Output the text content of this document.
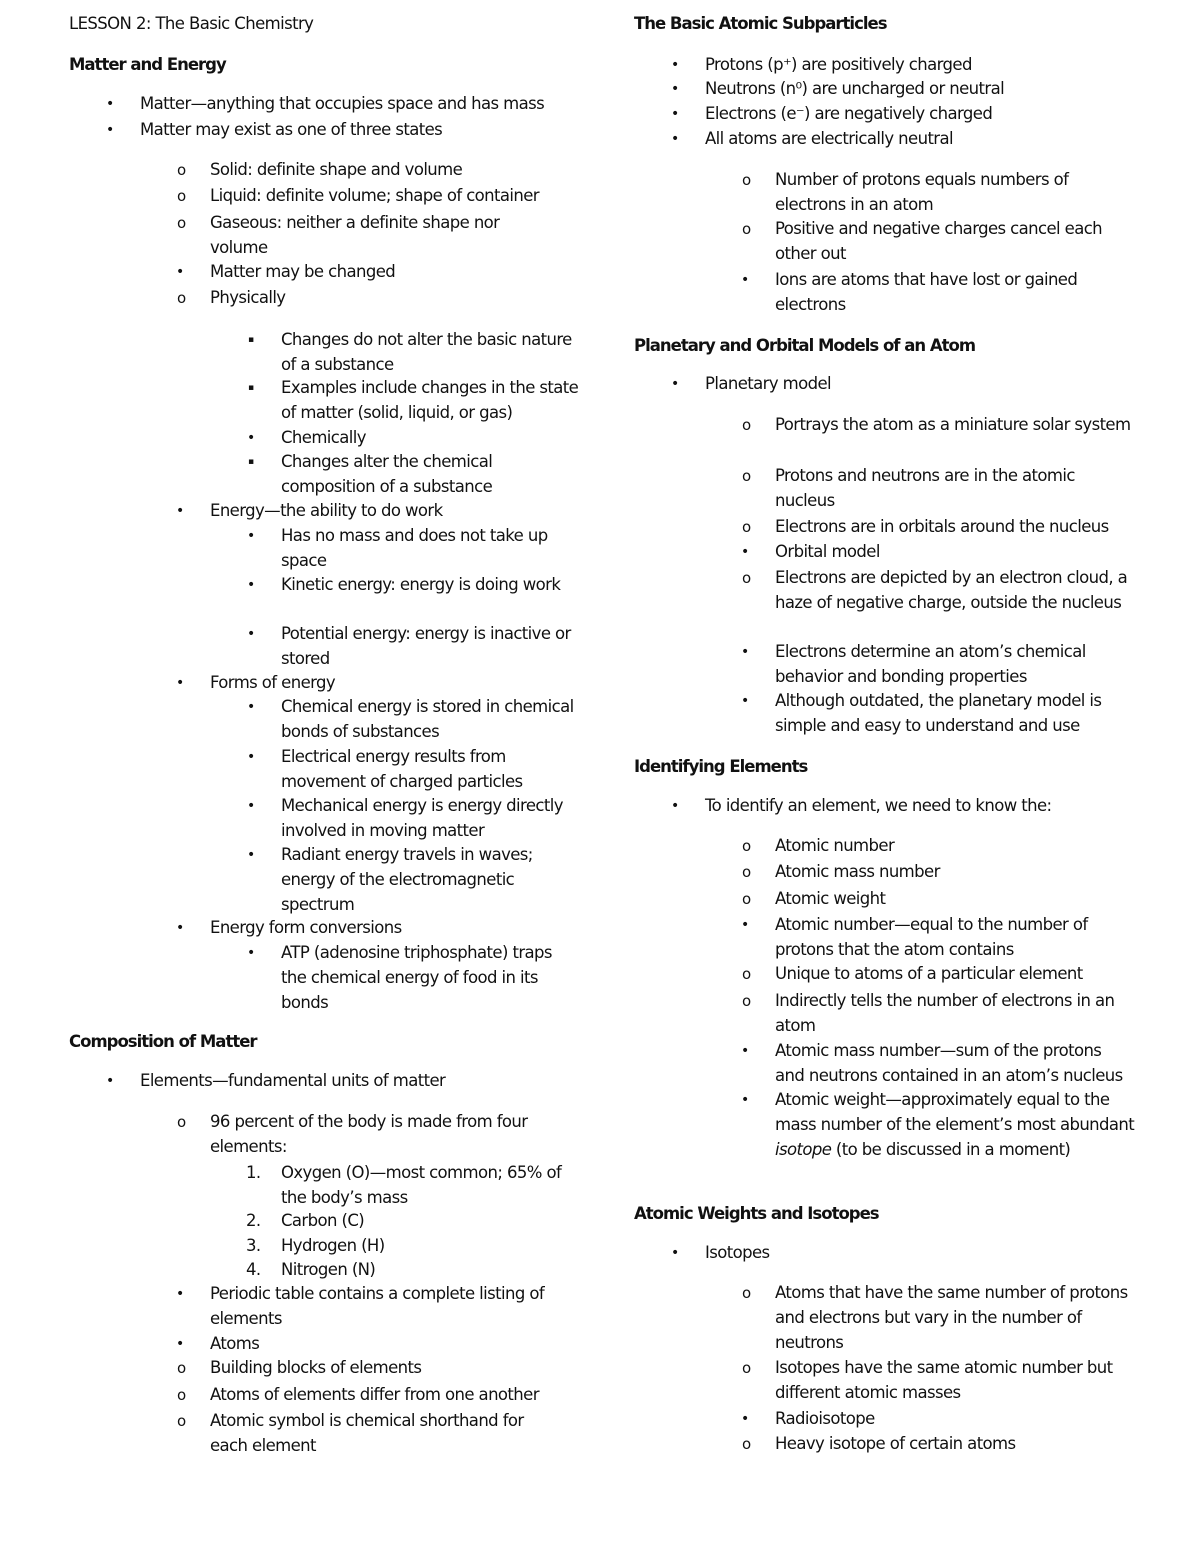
LESSON 2: The Basic Chemistry
Matter and Energy
• Matter—anything that occupies space and has mass
• Matter may exist as one of three states
o Solid: definite shape and volume
o Liquid: definite volume; shape of container
o Gaseous: neither a definite shape nor volume
• Matter may be changed
o Physically
▪ Changes do not alter the basic nature of a substance
▪ Examples include changes in the state of matter (solid, liquid, or gas)
• Chemically
▪ Changes alter the chemical composition of a substance
• Energy—the ability to do work
• Has no mass and does not take up space
• Kinetic energy: energy is doing work
• Potential energy: energy is inactive or stored
• Forms of energy
• Chemical energy is stored in chemical bonds of substances
• Electrical energy results from movement of charged particles
• Mechanical energy is energy directly involved in moving matter
• Radiant energy travels in waves; energy of the electromagnetic spectrum
• Energy form conversions
• ATP (adenosine triphosphate) traps the chemical energy of food in its bonds
Composition of Matter
• Elements—fundamental units of matter
o 96 percent of the body is made from four elements:
1. Oxygen (O)—most common; 65% of the body’s mass
2. Carbon (C)
3. Hydrogen (H)
4. Nitrogen (N)
• Periodic table contains a complete listing of elements
• Atoms
o Building blocks of elements
o Atoms of elements differ from one another
o Atomic symbol is chemical shorthand for each element
The Basic Atomic Subparticles
• Protons (p⁺) are positively charged
• Neutrons (n⁰) are uncharged or neutral
• Electrons (e⁻) are negatively charged
• All atoms are electrically neutral
o Number of protons equals numbers of electrons in an atom
o Positive and negative charges cancel each other out
• Ions are atoms that have lost or gained electrons
Planetary and Orbital Models of an Atom
• Planetary model
o Portrays the atom as a miniature solar system
o Protons and neutrons are in the atomic nucleus
o Electrons are in orbitals around the nucleus
• Orbital model
o Electrons are depicted by an electron cloud, a haze of negative charge, outside the nucleus
• Electrons determine an atom’s chemical behavior and bonding properties
• Although outdated, the planetary model is simple and easy to understand and use
Identifying Elements
• To identify an element, we need to know the:
o Atomic number
o Atomic mass number
o Atomic weight
• Atomic number—equal to the number of protons that the atom contains
o Unique to atoms of a particular element
o Indirectly tells the number of electrons in an atom
• Atomic mass number—sum of the protons and neutrons contained in an atom’s nucleus
• Atomic weight—approximately equal to the mass number of the element’s most abundant isotope (to be discussed in a moment)
Atomic Weights and Isotopes
• Isotopes
o Atoms that have the same number of protons and electrons but vary in the number of neutrons
o Isotopes have the same atomic number but different atomic masses
• Radioisotope
o Heavy isotope of certain atoms
